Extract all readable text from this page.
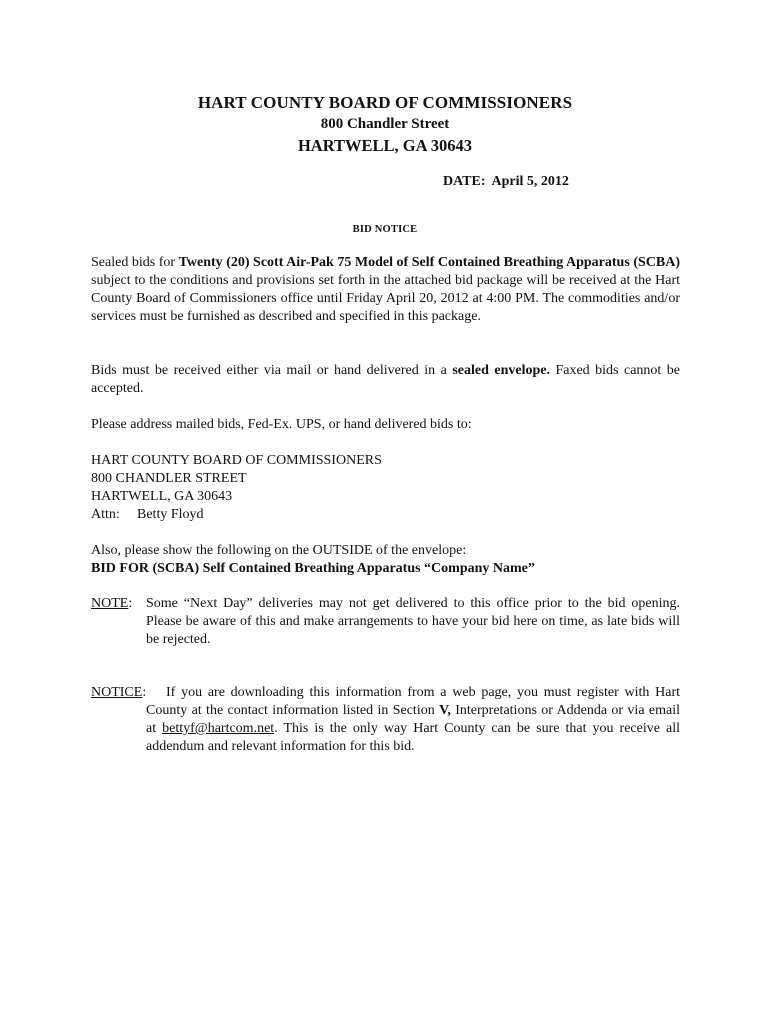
HART COUNTY BOARD OF COMMISSIONERS
800 Chandler Street
HARTWELL, GA 30643
DATE: April 5, 2012
BID NOTICE
Sealed bids for Twenty (20) Scott Air-Pak 75 Model of Self Contained Breathing Apparatus (SCBA) subject to the conditions and provisions set forth in the attached bid package will be received at the Hart County Board of Commissioners office until Friday April 20, 2012 at 4:00 PM. The commodities and/or services must be furnished as described and specified in this package.
Bids must be received either via mail or hand delivered in a sealed envelope. Faxed bids cannot be accepted.
Please address mailed bids, Fed-Ex. UPS, or hand delivered bids to:
HART COUNTY BOARD OF COMMISSIONERS
800 CHANDLER STREET
HARTWELL, GA 30643
Attn: Betty Floyd
Also, please show the following on the OUTSIDE of the envelope:
BID FOR (SCBA) Self Contained Breathing Apparatus “Company Name”
NOTE: Some “Next Day” deliveries may not get delivered to this office prior to the bid opening. Please be aware of this and make arrangements to have your bid here on time, as late bids will be rejected.
NOTICE:	If you are downloading this information from a web page, you must register with Hart County at the contact information listed in Section V, Interpretations or Addenda or via email at bettyf@hartcom.net. This is the only way Hart County can be sure that you receive all addendum and relevant information for this bid.
